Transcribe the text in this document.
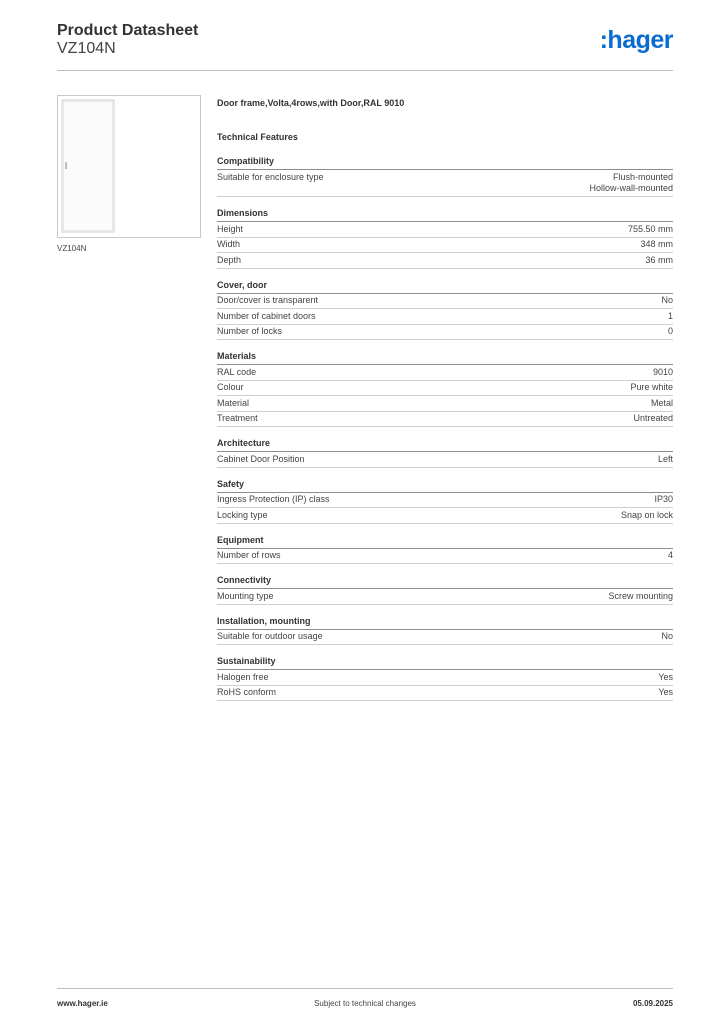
Product Datasheet
VZ104N	:hager
VZ104N
Door frame,Volta,4rows,with Door,RAL 9010
Technical Features
Compatibility
Suitable for enclosure type	Flush-mounted
Hollow-wall-mounted
Dimensions
Height	755.50 mm
Width	348 mm
Depth	36 mm
Cover, door
Door/cover is transparent	No
Number of cabinet doors	1
Number of locks	0
Materials
RAL code	9010
Colour	Pure white
Material	Metal
Treatment	Untreated
Architecture
Cabinet Door Position	Left
Safety
Ingress Protection (IP) class	IP30
Locking type	Snap on lock
Equipment
Number of rows	4
Connectivity
Mounting type	Screw mounting
Installation, mounting
Suitable for outdoor usage	No
Sustainability
Halogen free	Yes
RoHS conform	Yes
www.hager.ie	Subject to technical changes	05.09.2025
